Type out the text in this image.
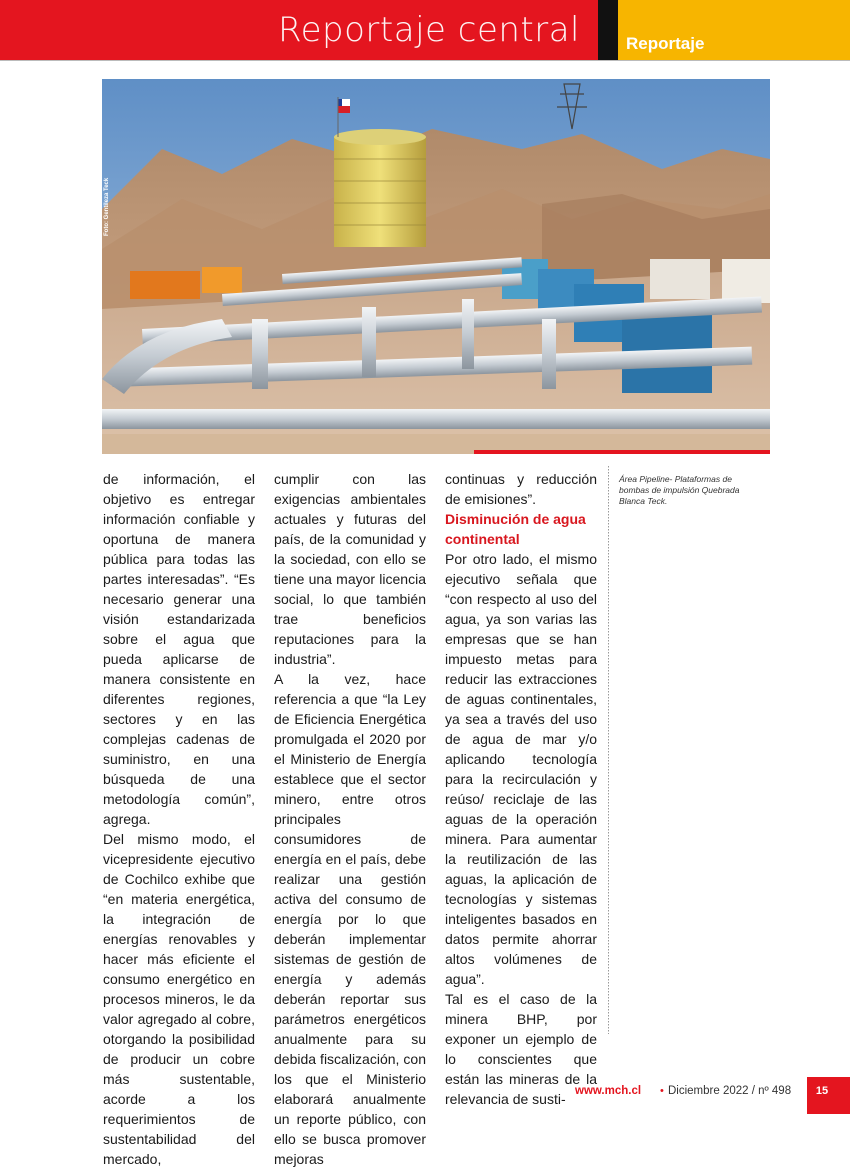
Reportaje central	Reportaje
Foto: Gentileza Teck

de información, el objetivo es entregar información confiable y oportuna de manera pública para todas las partes interesadas”. “Es necesario generar una visión estandarizada sobre el agua que pueda aplicarse de manera consistente en diferentes regiones, sectores y en las complejas cadenas de suministro, en una búsqueda de una metodología común”, agrega.

Del mismo modo, el vicepresidente ejecutivo de Cochilco exhibe que “en materia energética, la integración de energías renovables y hacer más eficiente el consumo energético en procesos mineros, le da valor agregado al cobre, otorgando la posibilidad de producir un cobre más sustentable, acorde a los requerimientos de sustentabilidad del mercado,

cumplir con las exigencias ambientales actuales y futuras del país, de la comunidad y la sociedad, con ello se tiene una mayor licencia social, lo que también trae beneficios reputaciones para la industria”.

A la vez, hace referencia a que “la Ley de Eficiencia Energética promulgada el 2020 por el Ministerio de Energía establece que el sector minero, entre otros principales consumidores de energía en el país, debe realizar una gestión activa del consumo de energía por lo que deberán implementar sistemas de gestión de energía y además deberán reportar sus parámetros energéticos anualmente para su debida fiscalización, con los que el Ministerio elaborará anualmente un reporte público, con ello se busca promover mejoras

continuas y reducción de emisiones”.

Disminución de agua continental

Por otro lado, el mismo ejecutivo señala que “con respecto al uso del agua, ya son varias las empresas que se han impuesto metas para reducir las extracciones de aguas continentales, ya sea a través del uso de agua de mar y/o aplicando tecnología para la recirculación y reúso/ reciclaje de las aguas de la operación minera. Para aumentar la reutilización de las aguas, la aplicación de tecnologías y sistemas inteligentes basados en datos permite ahorrar altos volúmenes de agua”.

Tal es el caso de la minera BHP, por exponer un ejemplo de lo conscientes que están las mineras de la relevancia de susti-

Área Pipeline- Plataformas de bombas de impulsión Quebrada Blanca Teck.
www.mch.cl • Diciembre 2022 / nº 498	15
